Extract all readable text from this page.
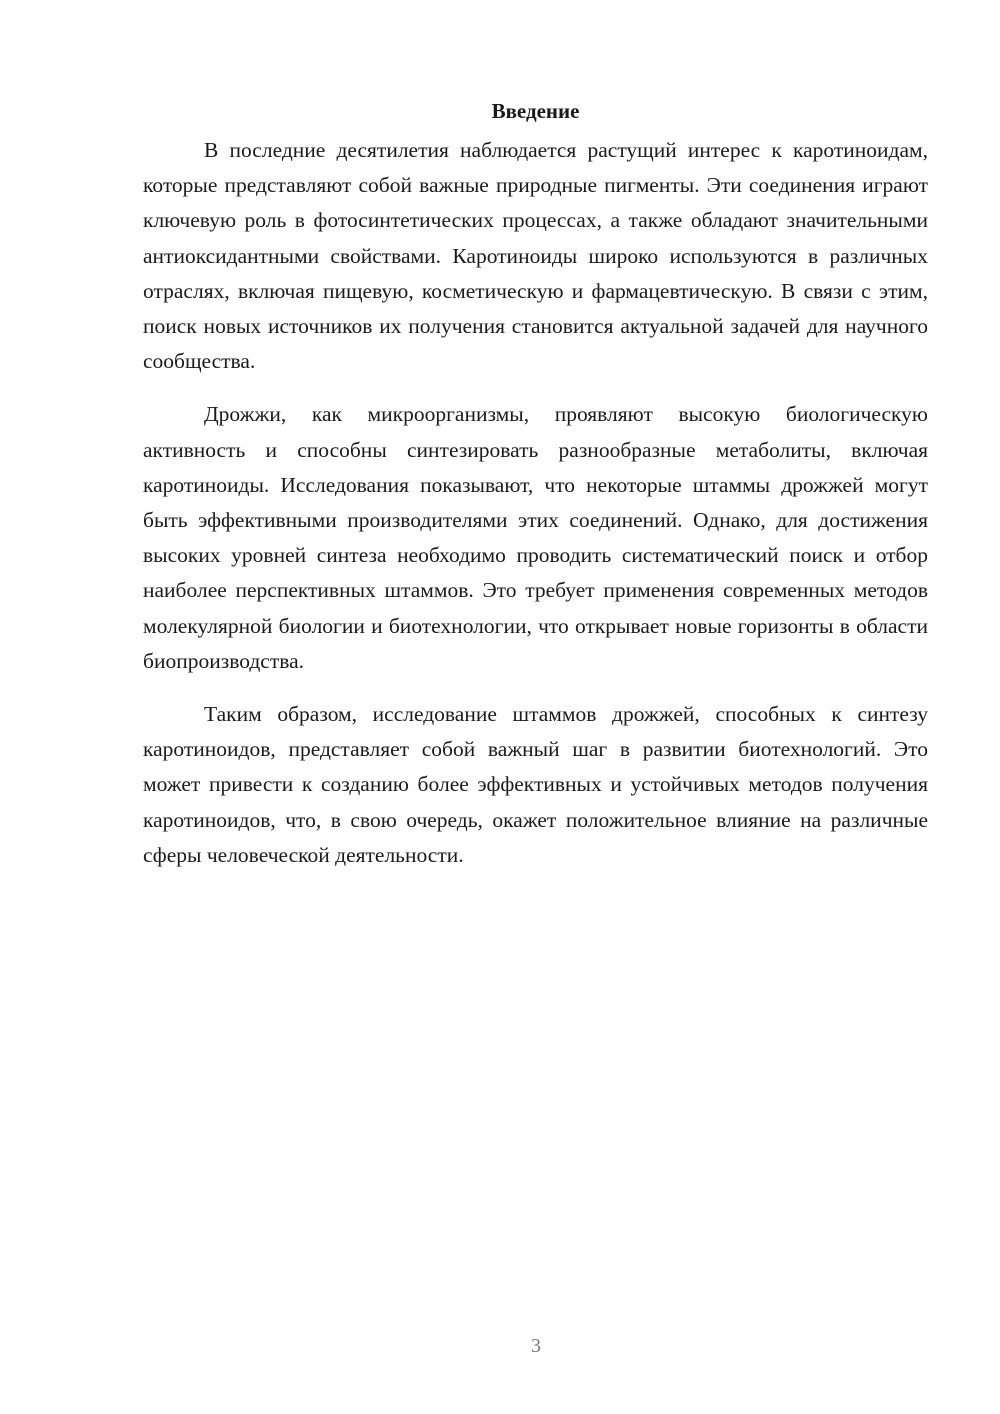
Введение

В последние десятилетия наблюдается растущий интерес к каротиноидам, которые представляют собой важные природные пигменты. Эти соединения играют ключевую роль в фотосинтетических процессах, а также обладают значительными антиоксидантными свойствами. Каротиноиды широко используются в различных отраслях, включая пищевую, косметическую и фармацевтическую. В связи с этим, поиск новых источников их получения становится актуальной задачей для научного сообщества.

Дрожжи, как микроорганизмы, проявляют высокую биологическую активность и способны синтезировать разнообразные метаболиты, включая каротиноиды. Исследования показывают, что некоторые штаммы дрожжей могут быть эффективными производителями этих соединений. Однако, для достижения высоких уровней синтеза необходимо проводить систематический поиск и отбор наиболее перспективных штаммов. Это требует применения современных методов молекулярной биологии и биотехнологии, что открывает новые горизонты в области биопроизводства.

Таким образом, исследование штаммов дрожжей, способных к синтезу каротиноидов, представляет собой важный шаг в развитии биотехнологий. Это может привести к созданию более эффективных и устойчивых методов получения каротиноидов, что, в свою очередь, окажет положительное влияние на различные сферы человеческой деятельности.

3
